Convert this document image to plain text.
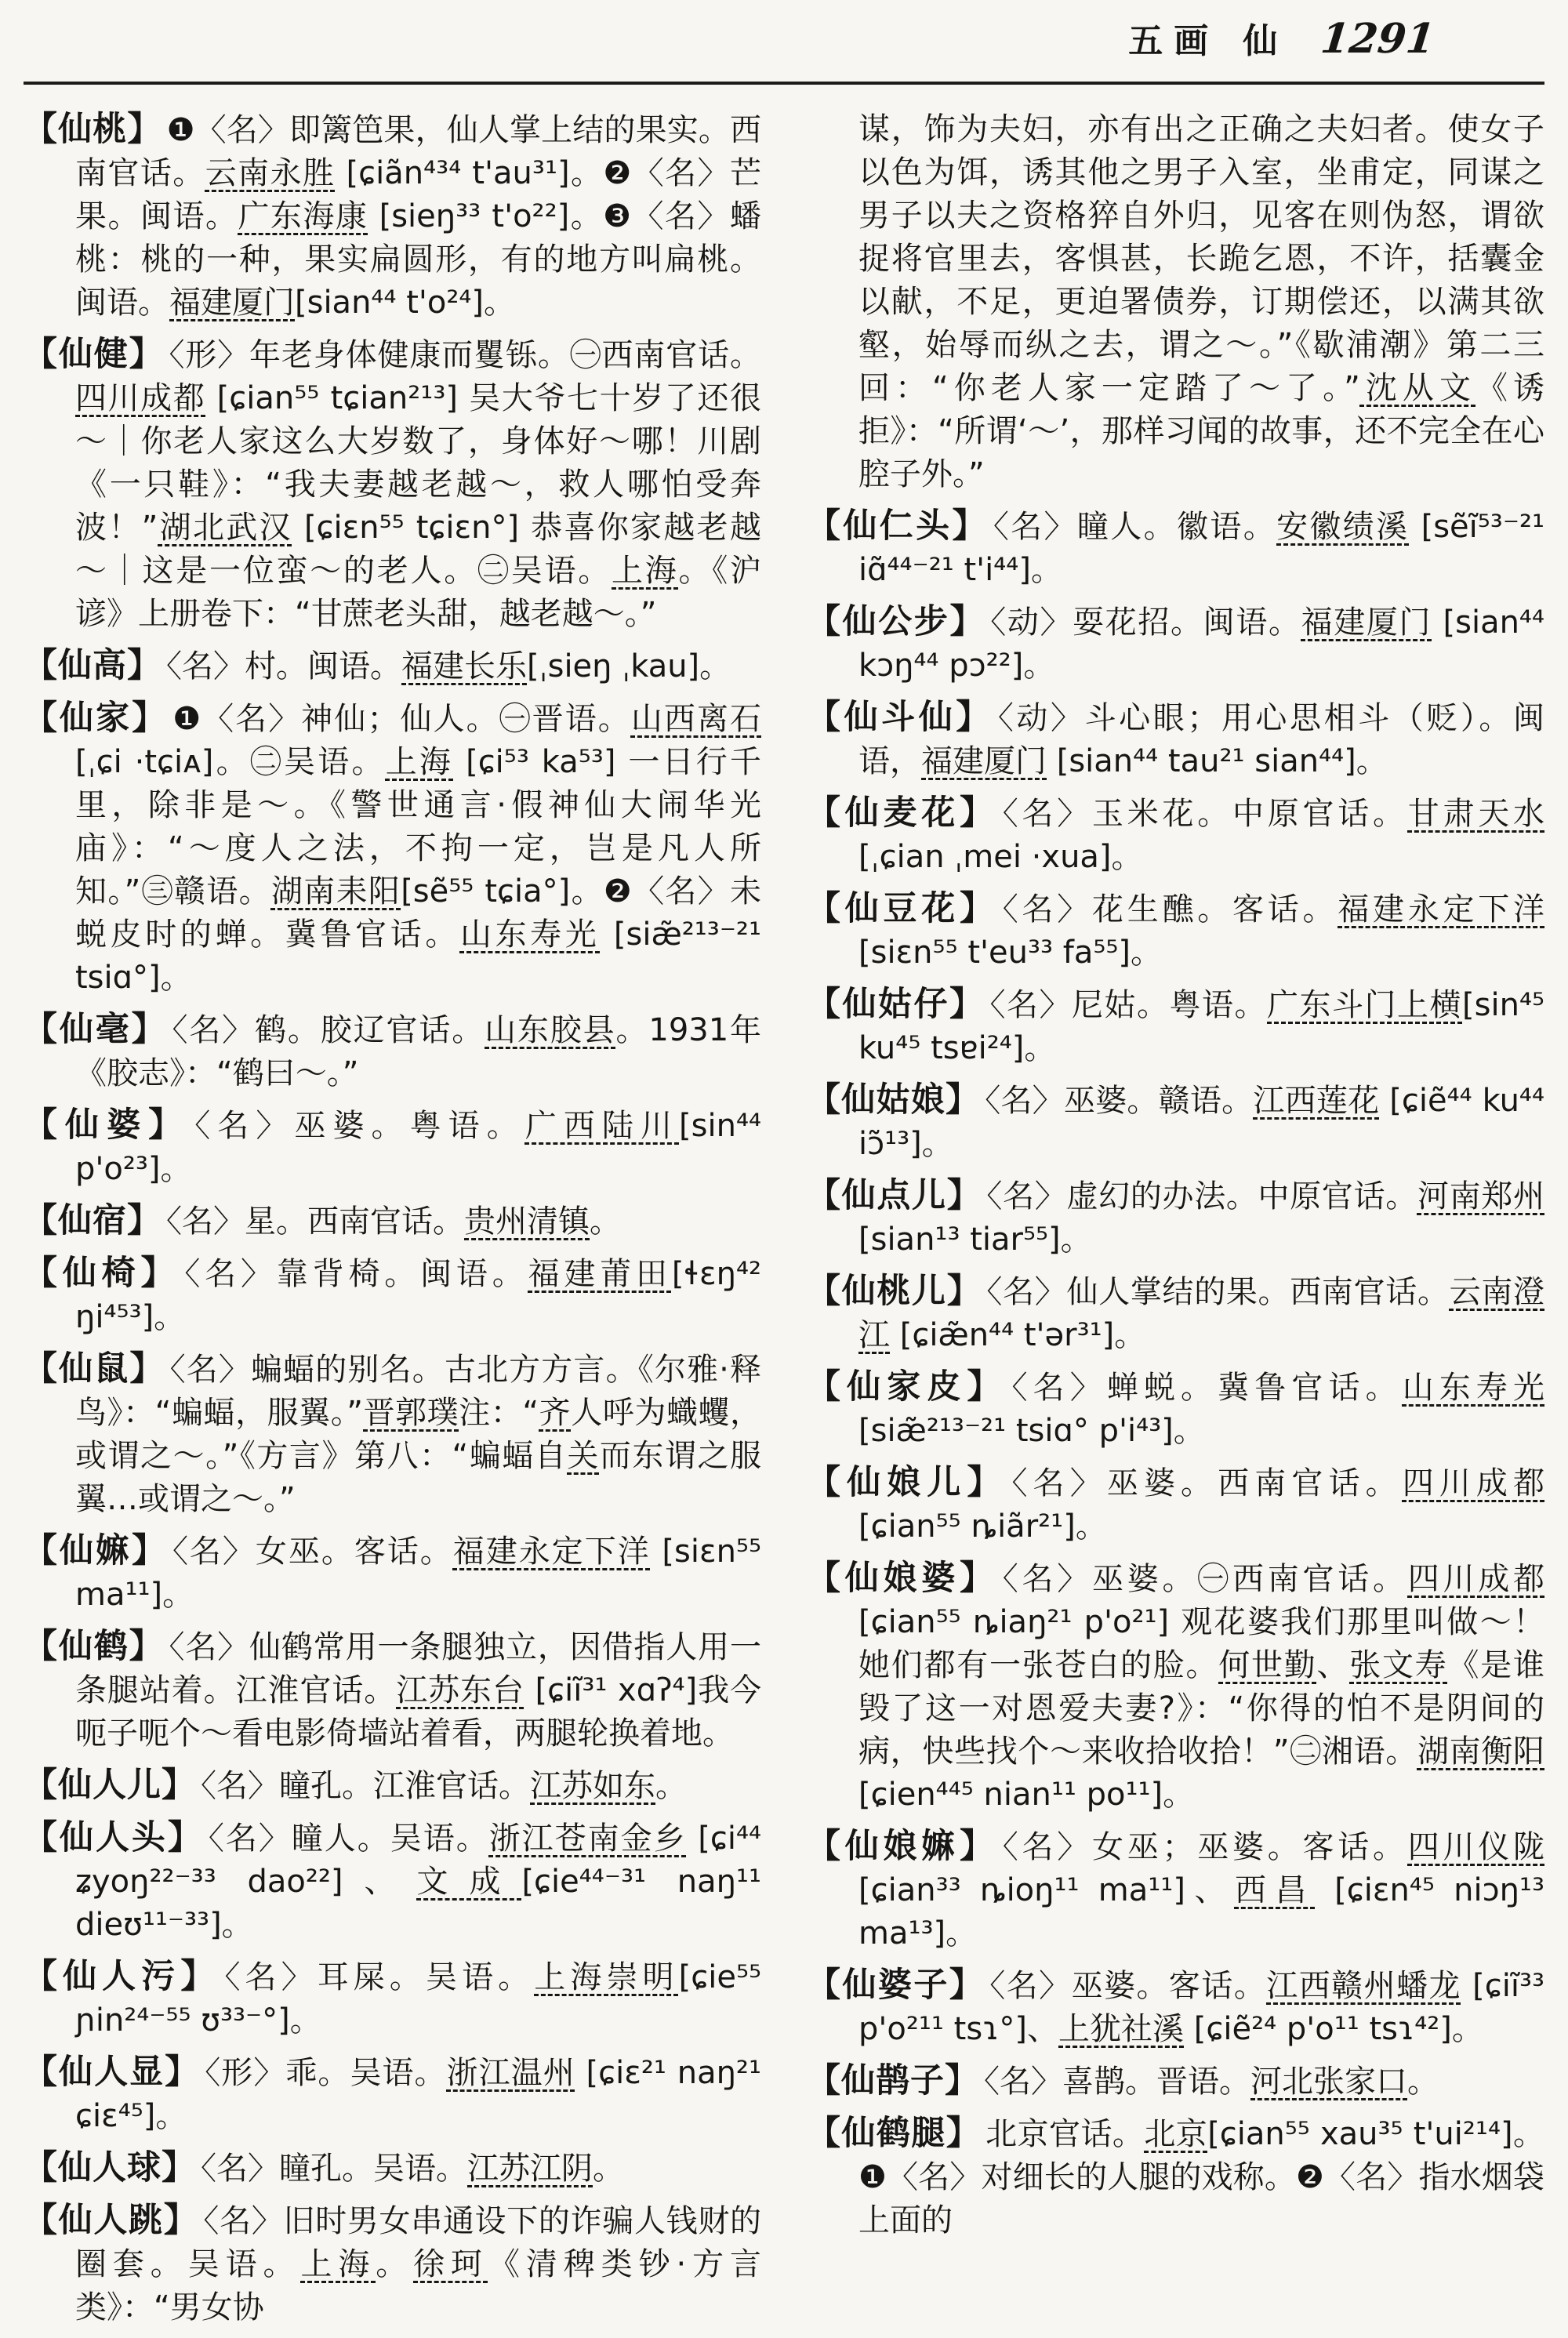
五画 仙 1291

【仙桃】 ❶〈名〉即篱笆果，仙人掌上结的果实。西南官话。云南永胜 [ɕiãn⁴³⁴ t'au³¹]。❷〈名〉芒果。闽语。广东海康 [sieŋ³³ t'o²²]。❸〈名〉蟠桃：桃的一种，果实扁圆形，有的地方叫扁桃。闽语。福建厦门[sian⁴⁴ t'o²⁴]。

【仙健】 〈形〉年老身体健康而矍铄。㊀西南官话。四川成都 [ɕian⁵⁵ tɕian²¹³] 吴大爷七十岁了还很～｜你老人家这么大岁数了，身体好～哪！川剧《一只鞋》：“我夫妻越老越～，救人哪怕受奔波！”湖北武汉 [ɕiɛn⁵⁵ tɕiɛn°] 恭喜你家越老越～｜这是一位蛮～的老人。㊁吴语。上海。《沪谚》上册卷下：“甘蔗老头甜，越老越～。”

【仙高】 〈名〉村。闽语。福建长乐[ˌsieŋ ˌkau]。

【仙家】 ❶〈名〉神仙；仙人。㊀晋语。山西离石[ˌɕi ·tɕiᴀ]。㊁吴语。上海 [ɕi⁵³ ka⁵³] 一日行千里，除非是～。《警世通言·假神仙大闹华光庙》：“～度人之法，不拘一定，岂是凡人所知。”㊂赣语。湖南耒阳[sẽ⁵⁵ tɕia°]。❷〈名〉未蜕皮时的蝉。冀鲁官话。山东寿光 [siæ̃²¹³⁻²¹ tsiɑ°]。

【仙毫】 〈名〉鹤。胶辽官话。山东胶县。1931年《胶志》：“鹤曰～。”

【仙婆】 〈名〉巫婆。粤语。广西陆川[sin⁴⁴ p'o²³]。

【仙宿】 〈名〉星。西南官话。贵州清镇。

【仙椅】 〈名〉靠背椅。闽语。福建莆田[ɬɛŋ⁴² ŋi⁴⁵³]。

【仙鼠】 〈名〉蝙蝠的别名。古北方方言。《尔雅·释鸟》：“蝙蝠，服翼。”晋郭璞注：“齐人呼为蟙蠼，或谓之～。”《方言》第八：“蝙蝠自关而东谓之服翼…或谓之～。”

【仙嫲】 〈名〉女巫。客话。福建永定下洋 [siɛn⁵⁵ ma¹¹]。

【仙鹤】 〈名〉仙鹤常用一条腿独立，因借指人用一条腿站着。江淮官话。江苏东台 [ɕiĩ³¹ xɑʔ⁴]我今呃子呃个～看电影倚墙站着看，两腿轮换着地。

【仙人儿】 〈名〉瞳孔。江淮官话。江苏如东。

【仙人头】 〈名〉瞳人。吴语。浙江苍南金乡 [ɕi⁴⁴ ʑyoŋ²²⁻³³ dao²²]、文成[ɕie⁴⁴⁻³¹ naŋ¹¹ dieʊ¹¹⁻³³]。

【仙人污】 〈名〉耳屎。吴语。上海崇明[ɕie⁵⁵ ɲin²⁴⁻⁵⁵ ʊ³³⁻°]。

【仙人显】 〈形〉乖。吴语。浙江温州 [ɕiɛ²¹ naŋ²¹ ɕiɛ⁴⁵]。

【仙人球】 〈名〉瞳孔。吴语。江苏江阴。

【仙人跳】 〈名〉旧时男女串通设下的诈骗人钱财的圈套。吴语。上海。徐珂《清稗类钞·方言类》：“男女协

谋，饰为夫妇，亦有出之正确之夫妇者。使女子以色为饵，诱其他之男子入室，坐甫定，同谋之男子以夫之资格猝自外归，见客在则伪怒，谓欲捉将官里去，客惧甚，长跪乞恩，不许，括囊金以献，不足，更迫署债券，订期偿还，以满其欲壑，始辱而纵之去，谓之～。”《歇浦潮》第二三回：“你老人家一定踏了～了。”沈从文《诱拒》：“所谓‘～’，那样习闻的故事，还不完全在心腔子外。”

【仙仁头】 〈名〉瞳人。徽语。安徽绩溪 [sẽĩ⁵³⁻²¹ iɑ̃⁴⁴⁻²¹ t'i⁴⁴]。

【仙公步】 〈动〉耍花招。闽语。福建厦门 [sian⁴⁴ kɔŋ⁴⁴ pɔ²²]。

【仙斗仙】 〈动〉斗心眼；用心思相斗（贬）。闽语，福建厦门 [sian⁴⁴ tau²¹ sian⁴⁴]。

【仙麦花】 〈名〉玉米花。中原官话。甘肃天水[ˌɕian ˌmei ·xua]。

【仙豆花】 〈名〉花生醮。客话。福建永定下洋 [siɛn⁵⁵ t'eu³³ fa⁵⁵]。

【仙姑仔】 〈名〉尼姑。粤语。广东斗门上横[sin⁴⁵ ku⁴⁵ tsɐi²⁴]。

【仙姑娘】 〈名〉巫婆。赣语。江西莲花 [ɕiẽ⁴⁴ ku⁴⁴ iɔ̃¹³]。

【仙点儿】 〈名〉虚幻的办法。中原官话。河南郑州 [sian¹³ tiar⁵⁵]。

【仙桃儿】 〈名〉仙人掌结的果。西南官话。云南澄江 [ɕiæ̃n⁴⁴ t'ər³¹]。

【仙家皮】 〈名〉蝉蜕。冀鲁官话。山东寿光[siæ̃²¹³⁻²¹ tsiɑ° p'i⁴³]。

【仙娘儿】 〈名〉巫婆。西南官话。四川成都 [ɕian⁵⁵ ȵiãr²¹]。

【仙娘婆】 〈名〉巫婆。㊀西南官话。四川成都 [ɕian⁵⁵ ȵiaŋ²¹ p'o²¹] 观花婆我们那里叫做～！她们都有一张苍白的脸。何世勤、张文寿《是谁毁了这一对恩爱夫妻?》：“你得的怕不是阴间的病，快些找个～来收拾收拾！”㊁湘语。湖南衡阳[ɕien⁴⁴⁵ nian¹¹ po¹¹]。

【仙娘嫲】 〈名〉女巫；巫婆。客话。四川仪陇 [ɕian³³ ȵioŋ¹¹ ma¹¹]、西昌 [ɕiɛn⁴⁵ niɔŋ¹³ ma¹³]。

【仙婆子】 〈名〉巫婆。客话。江西赣州蟠龙 [ɕiĩ³³ p'o²¹¹ tsɿ°]、上犹社溪 [ɕiẽ²⁴ p'o¹¹ tsɿ⁴²]。

【仙鹊子】 〈名〉喜鹊。晋语。河北张家口。

【仙鹤腿】 北京官话。北京[ɕian⁵⁵ xau³⁵ t'ui²¹⁴]。❶〈名〉对细长的人腿的戏称。❷〈名〉指水烟袋上面的
